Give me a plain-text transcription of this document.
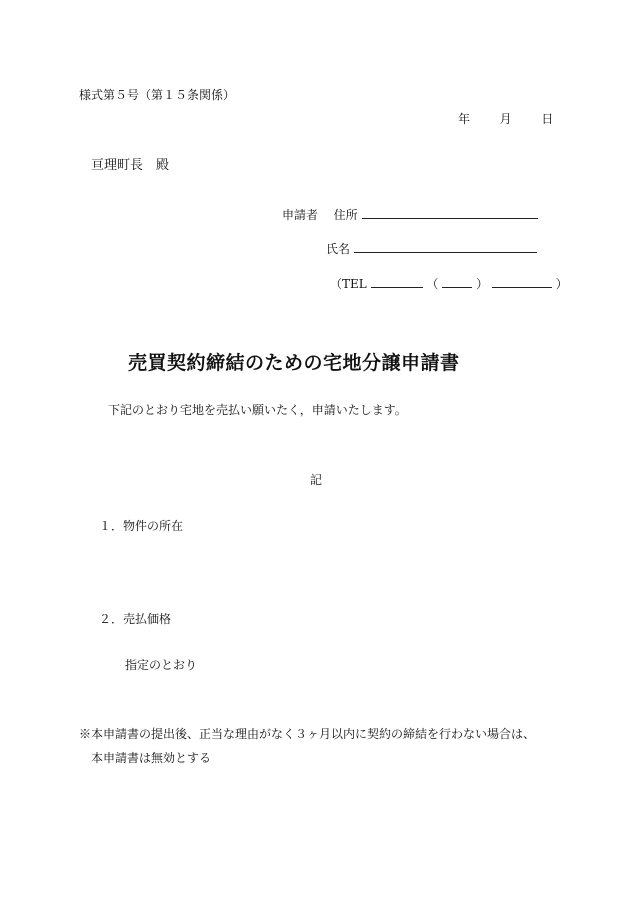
様式第５号（第１５条関係）
年 月 日
亘理町長　殿
申請者 住所
氏名
（TEL	（	）	）
売買契約締結のための宅地分譲申請書
下記のとおり宅地を売払い願いたく，申請いたします。
記
１．物件の所在
２．売払価格
指定のとおり
※本申請書の提出後、正当な理由がなく３ヶ月以内に契約の締結を行わない場合は、
本申請書は無効とする
